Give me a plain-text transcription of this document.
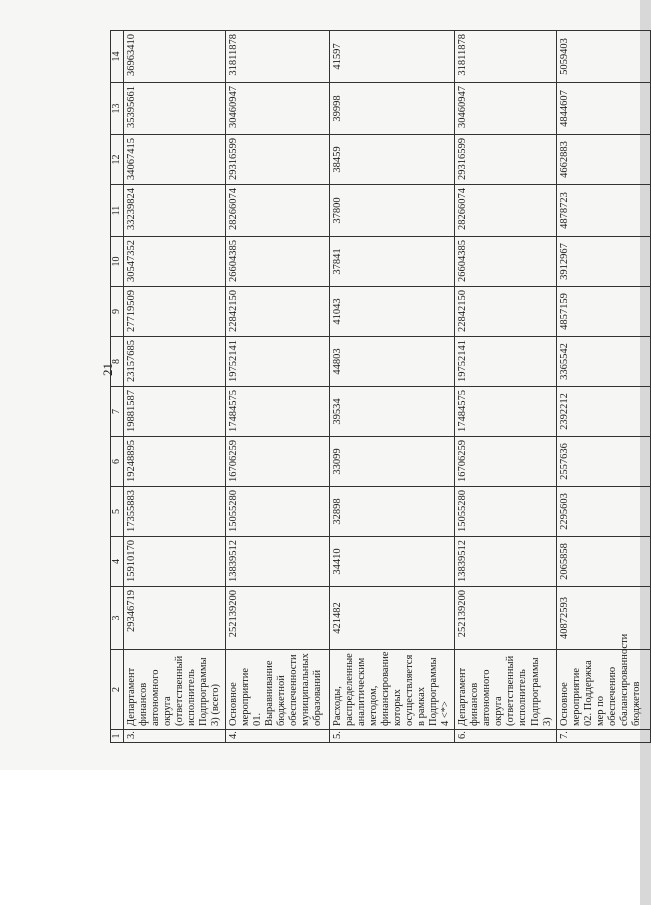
21
1	2	3	4	5	6	7	8	9	10	11	12	13	14
3.	Департамент финансов автономного округа (ответственный исполнитель Подпрограммы 3) (всего)	29346719	15910170	17355883	19248895	19881587	23157685	27719509	30547352	33239824	34067415	35395661	36963410
4.	Основное мероприятие 01. Выравнивание бюджетной обеспеченности муниципальных образований	252139200	13839512	15055280	16706259	17484575	19752141	22842150	26604385	28266074	29316599	30460947	31811878
5.	Расходы, распределенные аналитическим методом, финансирование которых осуществляется в рамках Подпрограммы 4 <*>	421482	34410	32898	33099	39534	44803	41043	37841	37800	38459	39998	41597
6.	Департамент финансов автономного округа (ответственный исполнитель Подпрограммы 3)	252139200	13839512	15055280	16706259	17484575	19752141	22842150	26604385	28266074	29316599	30460947	31811878
7.	Основное мероприятие 02. Поддержка мер по обеспечению сбалансированности бюджетов	40872593	2065858	2295603	2557636	2392212	3365542	4857159	3912967	4878723	4662883	4844607	5059403
